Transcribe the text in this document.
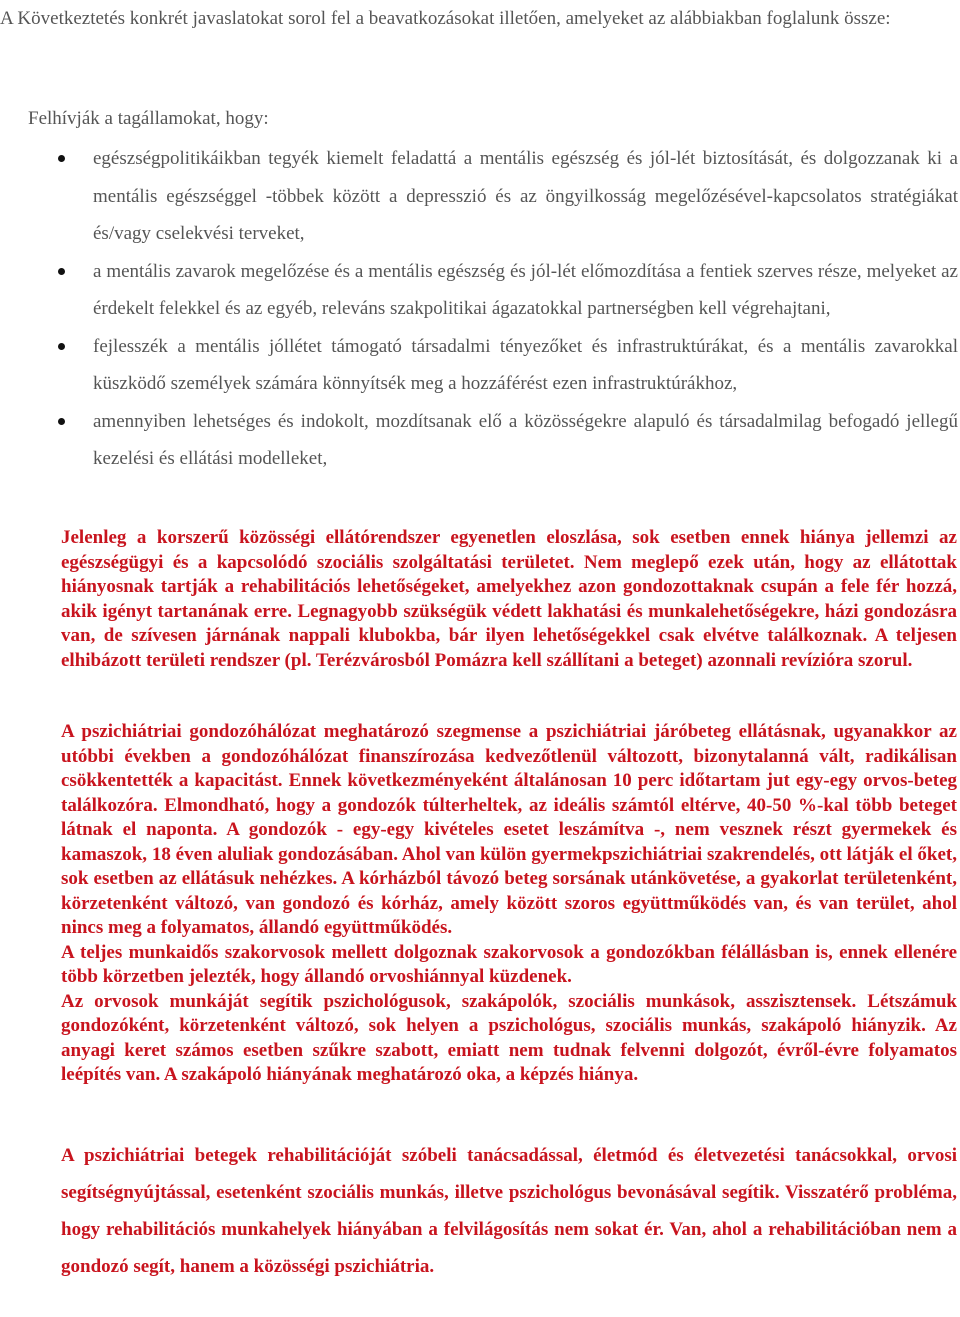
A Következtetés konkrét javaslatokat sorol fel a beavatkozásokat illetően, amelyeket az alábbiakban foglalunk össze:

Felhívják a tagállamokat, hogy:

egészségpolitikáikban tegyék kiemelt feladattá a mentális egészség és jól-lét biztosítását, és dolgozzanak ki a mentális egészséggel -többek között a depresszió és az öngyilkosság megelőzésével-kapcsolatos stratégiákat és/vagy cselekvési terveket,
a mentális zavarok megelőzése és a mentális egészség és jól-lét előmozdítása a fentiek szerves része, melyeket az érdekelt felekkel és az egyéb, releváns szakpolitikai ágazatokkal partnerségben kell végrehajtani,
fejlesszék a mentális jóllétet támogató társadalmi tényezőket és infrastruktúrákat, és a mentális zavarokkal küszködő személyek számára könnyítsék meg a hozzáférést ezen infrastruktúrákhoz,
amennyiben lehetséges és indokolt, mozdítsanak elő a közösségekre alapuló és társadalmilag befogadó jellegű kezelési és ellátási modelleket,

Jelenleg a korszerű közösségi ellátórendszer egyenetlen eloszlása, sok esetben ennek hiánya jellemzi az egészségügyi és a kapcsolódó szociális szolgáltatási területet. Nem meglepő ezek után, hogy az ellátottak hiányosnak tartják a rehabilitációs lehetőségeket, amelyekhez azon gondozottaknak csupán a fele fér hozzá, akik igényt tartanának erre. Legnagyobb szükségük védett lakhatási és munkalehetőségekre, házi gondozásra van, de szívesen járnának nappali klubokba, bár ilyen lehetőségekkel csak elvétve találkoznak. A teljesen elhibázott területi rendszer (pl. Terézvárosból Pomázra kell szállítani a beteget) azonnali revízióra szorul.

A pszichiátriai gondozóhálózat meghatározó szegmense a pszichiátriai járóbeteg ellátásnak, ugyanakkor az utóbbi években a gondozóhálózat finanszírozása kedvezőtlenül változott, bizonytalanná vált, radikálisan csökkentették a kapacitást. Ennek következményeként általánosan 10 perc időtartam jut egy-egy orvos-beteg találkozóra. Elmondható, hogy a gondozók túlterheltek, az ideális számtól eltérve, 40-50 %-kal több beteget látnak el naponta. A gondozók - egy-egy kivételes esetet leszámítva -, nem vesznek részt gyermekek és kamaszok, 18 éven aluliak gondozásában. Ahol van külön gyermekpszichiátriai szakrendelés, ott látják el őket, sok esetben az ellátásuk nehézkes. A kórházból távozó beteg sorsának utánkövetése, a gyakorlat területenként, körzetenként változó, van gondozó és kórház, amely között szoros együttműködés van, és van terület, ahol nincs meg a folyamatos, állandó együttműködés.
A teljes munkaidős szakorvosok mellett dolgoznak szakorvosok a gondozókban félállásban is, ennek ellenére több körzetben jelezték, hogy állandó orvoshiánnyal küzdenek.
Az orvosok munkáját segítik pszichológusok, szakápolók, szociális munkások, asszisztensek. Létszámuk gondozóként, körzetenként változó, sok helyen a pszichológus, szociális munkás, szakápoló hiányzik. Az anyagi keret számos esetben szűkre szabott, emiatt nem tudnak felvenni dolgozót, évről-évre folyamatos leépítés van. A szakápoló hiányának meghatározó oka, a képzés hiánya.

A pszichiátriai betegek rehabilitációját szóbeli tanácsadással, életmód és életvezetési tanácsokkal, orvosi segítségnyújtással, esetenként szociális munkás, illetve pszichológus bevonásával segítik. Visszatérő probléma, hogy rehabilitációs munkahelyek hiányában a felvilágosítás nem sokat ér. Van, ahol a rehabilitációban nem a gondozó segít, hanem a közösségi pszichiátria.
